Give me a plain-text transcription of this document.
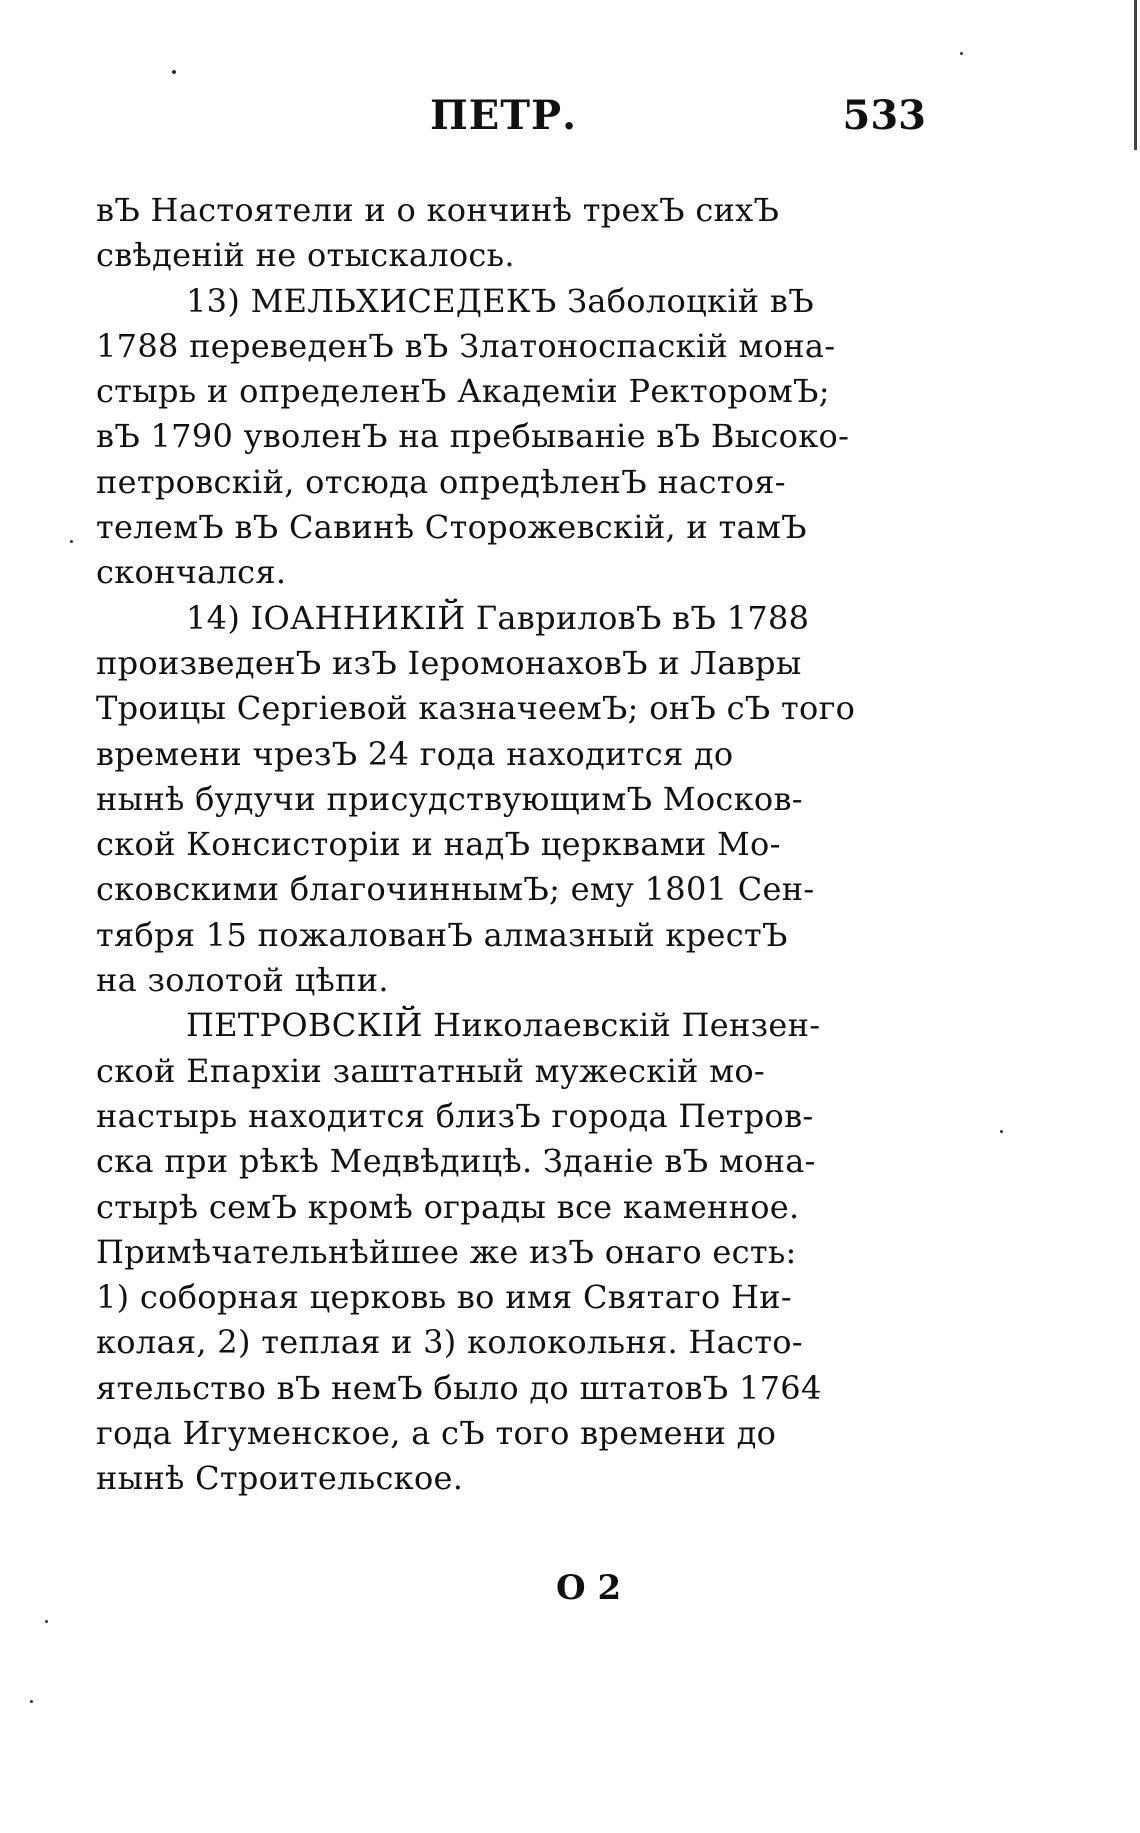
ПЕТР.	533
вЪ Настоятели и о кончинѣ трехЪ сихЪ
свѣденій не отыскалось.
13) МЕЛЬХИСЕДЕКЪ Заболоцкій вЪ
1788 переведенЪ вЪ Златоноспаскій мона-
стырь и определенЪ Академіи РекторомЪ;
вЪ 1790 уволенЪ на пребываніе вЪ Высоко-
петровскій, отсюда опредѣленЪ настоя-
телемЪ вЪ Савинѣ Сторожевскій, и тамЪ
скончался.
14) IОАННИКІЙ ГавриловЪ вЪ 1788
произведенЪ изЪ IеромонаховЪ и Лавры
Троицы Сергіевой казначеемЪ; онЪ сЪ того
времени чрезЪ 24 года находится до
нынѣ будучи присудствующимЪ Москов-
ской Консисторіи и надЪ церквами Мо-
сковскими благочиннымЪ; ему 1801 Сен-
тября 15 пожалованЪ алмазный крестЪ
на золотой цѣпи.
ПЕТРОВСКІЙ Николаевскій Пензен-
ской Епархіи заштатный мужескій мо-
настырь находится близЪ города Петров-
ска при рѣкѣ Медвѣдицѣ. Зданіе вЪ мона-
стырѣ семЪ кромѣ ограды все каменное.
Примѣчательнѣйшее же изЪ онаго есть:
1) соборная церковь во имя Святаго Ни-
колая, 2) теплая и 3) колокольня. Насто-
ятельство вЪ немЪ было до штатовЪ 1764
года Игуменское, а сЪ того времени до
нынѣ Строительское.
O 2
